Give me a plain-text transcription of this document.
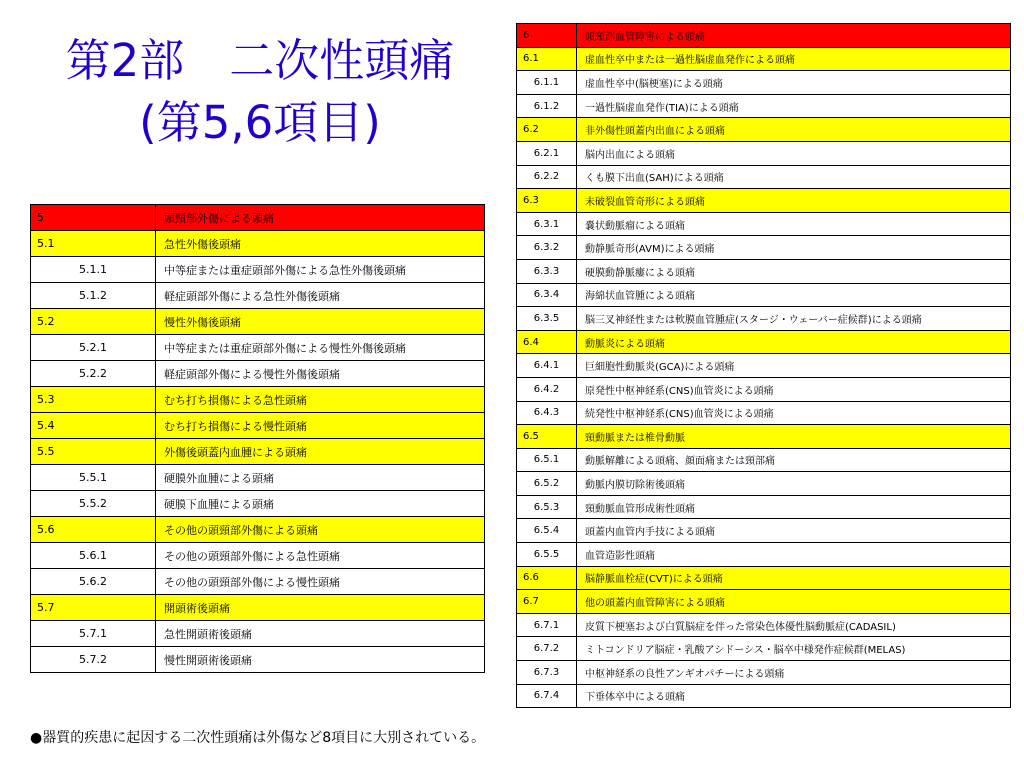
第2部　二次性頭痛
(第5,6項目)
5	頭頸部外傷による頭痛
5.1	急性外傷後頭痛
5.1.1	中等症または重症頭部外傷による急性外傷後頭痛
5.1.2	軽症頭部外傷による急性外傷後頭痛
5.2	慢性外傷後頭痛
5.2.1	中等症または重症頭部外傷による慢性外傷後頭痛
5.2.2	軽症頭部外傷による慢性外傷後頭痛
5.3	むち打ち損傷による急性頭痛
5.4	むち打ち損傷による慢性頭痛
5.5	外傷後頭蓋内血腫による頭痛
5.5.1	硬膜外血腫による頭痛
5.5.2	硬膜下血腫による頭痛
5.6	その他の頭頸部外傷による頭痛
5.6.1	その他の頭頸部外傷による急性頭痛
5.6.2	その他の頭頸部外傷による慢性頭痛
5.7	開頭術後頭痛
5.7.1	急性開頭術後頭痛
5.7.2	慢性開頭術後頭痛
6	頭頸部血管障害による頭痛
6.1	虚血性卒中または一過性脳虚血発作による頭痛
6.1.1	虚血性卒中(脳梗塞)による頭痛
6.1.2	一過性脳虚血発作(TIA)による頭痛
6.2	非外傷性頭蓋内出血による頭痛
6.2.1	脳内出血による頭痛
6.2.2	くも膜下出血(SAH)による頭痛
6.3	未破裂血管奇形による頭痛
6.3.1	嚢状動脈瘤による頭痛
6.3.2	動静脈奇形(AVM)による頭痛
6.3.3	硬膜動静脈瘻による頭痛
6.3.4	海綿状血管腫による頭痛
6.3.5	脳三叉神経性または軟膜血管腫症(スタージ・ウェーバー症候群)による頭痛
6.4	動脈炎による頭痛
6.4.1	巨細胞性動脈炎(GCA)による頭痛
6.4.2	原発性中枢神経系(CNS)血管炎による頭痛
6.4.3	続発性中枢神経系(CNS)血管炎による頭痛
6.5	頸動脈または椎骨動脈
6.5.1	動脈解離による頭痛、顔面痛または頸部痛
6.5.2	動脈内膜切除術後頭痛
6.5.3	頸動脈血管形成術性頭痛
6.5.4	頭蓋内血管内手技による頭痛
6.5.5	血管造影性頭痛
6.6	脳静脈血栓症(CVT)による頭痛
6.7	他の頭蓋内血管障害による頭痛
6.7.1	皮質下梗塞および白質脳症を伴った常染色体優性脳動脈症(CADASIL)
6.7.2	ミトコンドリア脳症・乳酸アシドーシス・脳卒中様発作症候群(MELAS)
6.7.3	中枢神経系の良性アンギオパチーによる頭痛
6.7.4	下垂体卒中による頭痛
●器質的疾患に起因する二次性頭痛は外傷など8項目に大別されている。
